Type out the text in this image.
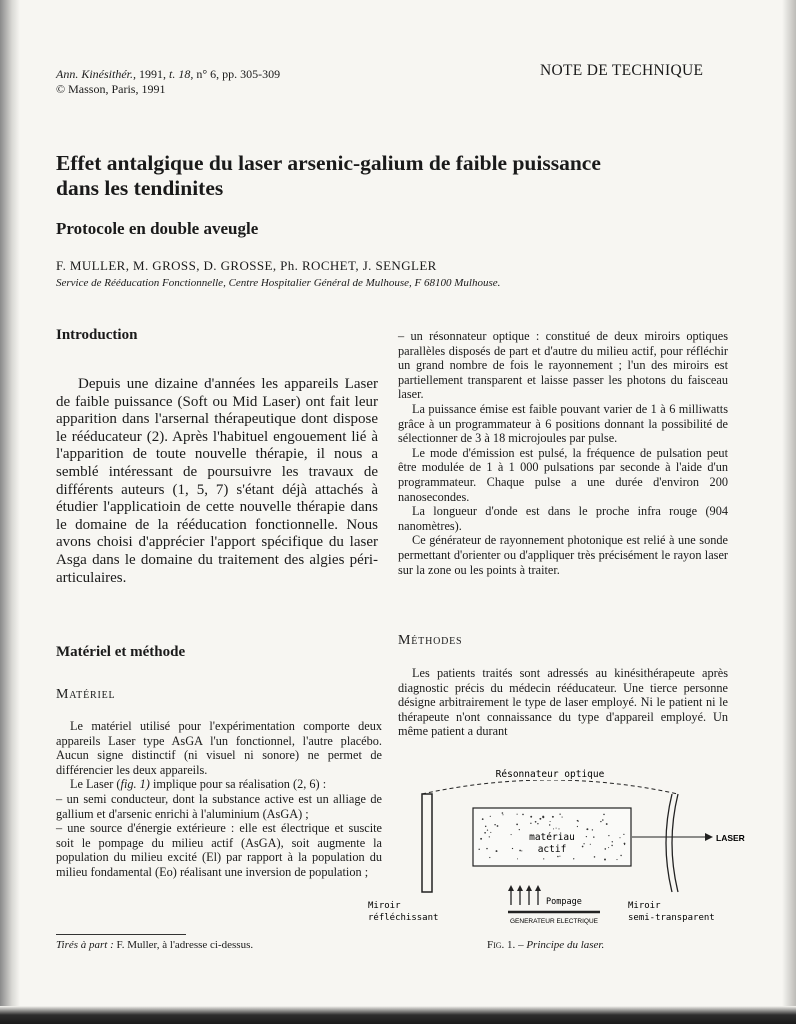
Ann. Kinésithér., 1991, t. 18, n° 6, pp. 305-309
© Masson, Paris, 1991
NOTE DE TECHNIQUE
Effet antalgique du laser arsenic-galium de faible puissance
dans les tendinites
Protocole en double aveugle
F. MULLER, M. GROSS, D. GROSSE, Ph. ROCHET, J. SENGLER
Service de Rééducation Fonctionnelle, Centre Hospitalier Général de Mulhouse, F 68100 Mulhouse.
Introduction

Depuis une dizaine d'années les appareils Laser de faible puissance (Soft ou Mid Laser) ont fait leur apparition dans l'arsernal thérapeutique dont dispose le rééducateur (2). Après l'habituel engouement lié à l'apparition de toute nouvelle thérapie, il nous a semblé intéressant de poursuivre les travaux de différents auteurs (1, 5, 7) s'étant déjà attachés à étudier l'applicatioin de cette nouvelle thérapie dans le domaine de la rééducation fonctionnelle. Nous avons choisi d'apprécier l'apport spécifique du laser Asga dans le domaine du traitement des algies péri-articulaires.

Matériel et méthode
Matériel

Le matériel utilisé pour l'expérimentation comporte deux appareils Laser type AsGA l'un fonctionnel, l'autre placébo. Aucun signe distinctif (ni visuel ni sonore) ne permet de différencier les deux appareils.

Le Laser (fig. 1) implique pour sa réalisation (2, 6) :

– un semi conducteur, dont la substance active est un alliage de gallium et d'arsenic enrichi à l'aluminium (AsGA) ;

– une source d'énergie extérieure : elle est électrique et suscite soit le pompage du milieu actif (AsGA), soit augmente la population du milieu excité (El) par rapport à la population du milieu fondamental (Eo) réalisant une inversion de population ;

– un résonnateur optique : constitué de deux miroirs optiques parallèles disposés de part et d'autre du milieu actif, pour réfléchir un grand nombre de fois le rayonnement ; l'un des miroirs est partiellement transparent et laisse passer les photons du faisceau laser.

La puissance émise est faible pouvant varier de 1 à 6 milliwatts grâce à un programmateur à 6 positions donnant la possibilité de sélectionner de 3 à 18 microjoules par pulse.

Le mode d'émission est pulsé, la fréquence de pulsation peut être modulée de 1 à 1 000 pulsations par seconde à l'aide d'un programmateur. Chaque pulse a une durée d'environ 200 nanosecondes.

La longueur d'onde est dans le proche infra rouge (904 nanomètres).

Ce générateur de rayonnement photonique est relié à une sonde permettant d'orienter ou d'appliquer très précisément le rayon laser sur la zone ou les points à traiter.

Méthodes

Les patients traités sont adressés au kinésithérapeute après diagnostic précis du médecin rééducateur. Une tierce personne désigne arbitrairement le type de laser employé. Ni le patient ni le thérapeute n'ont connaissance du type d'appareil employé. Un même patient a durant

Résonnateur optique
matériau
actif
LASER
Pompage
GENERATEUR ELECTRIQUE
Miroir
réfléchissant
Miroir
semi-transparent
Tirés à part : F. Muller, à l'adresse ci-dessus.	Fig. 1. – Principe du laser.
